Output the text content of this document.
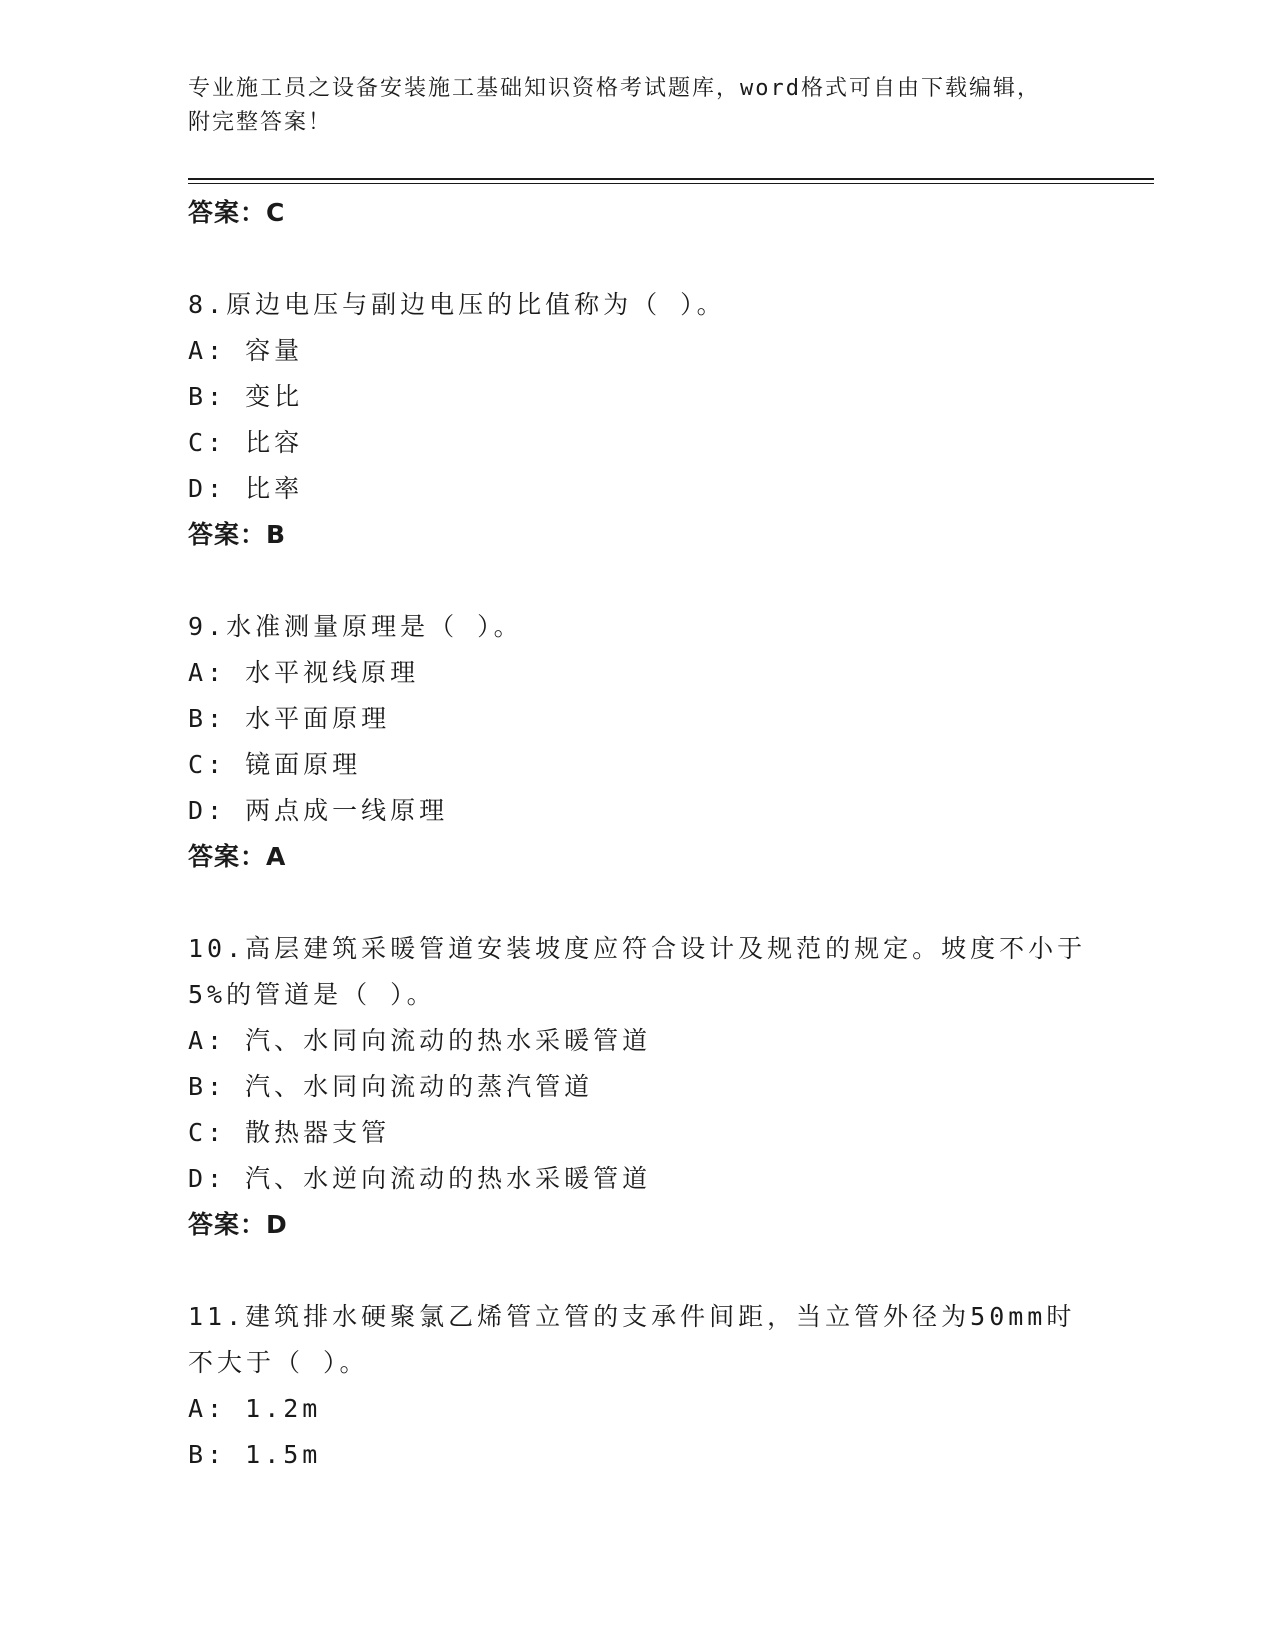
专业施工员之设备安装施工基础知识资格考试题库，word格式可自由下载编辑，
附完整答案！
答案：C
8.原边电压与副边电压的比值称为（ ）。
A: 容量
B: 变比
C: 比容
D: 比率
答案：B
9.水准测量原理是（ ）。
A: 水平视线原理
B: 水平面原理
C: 镜面原理
D: 两点成一线原理
答案：A
10.高层建筑采暖管道安装坡度应符合设计及规范的规定。坡度不小于
5%的管道是（ ）。
A: 汽、水同向流动的热水采暖管道
B: 汽、水同向流动的蒸汽管道
C: 散热器支管
D: 汽、水逆向流动的热水采暖管道
答案：D
11.建筑排水硬聚氯乙烯管立管的支承件间距，当立管外径为50mm时
不大于（ ）。
A: 1.2m
B: 1.5m
